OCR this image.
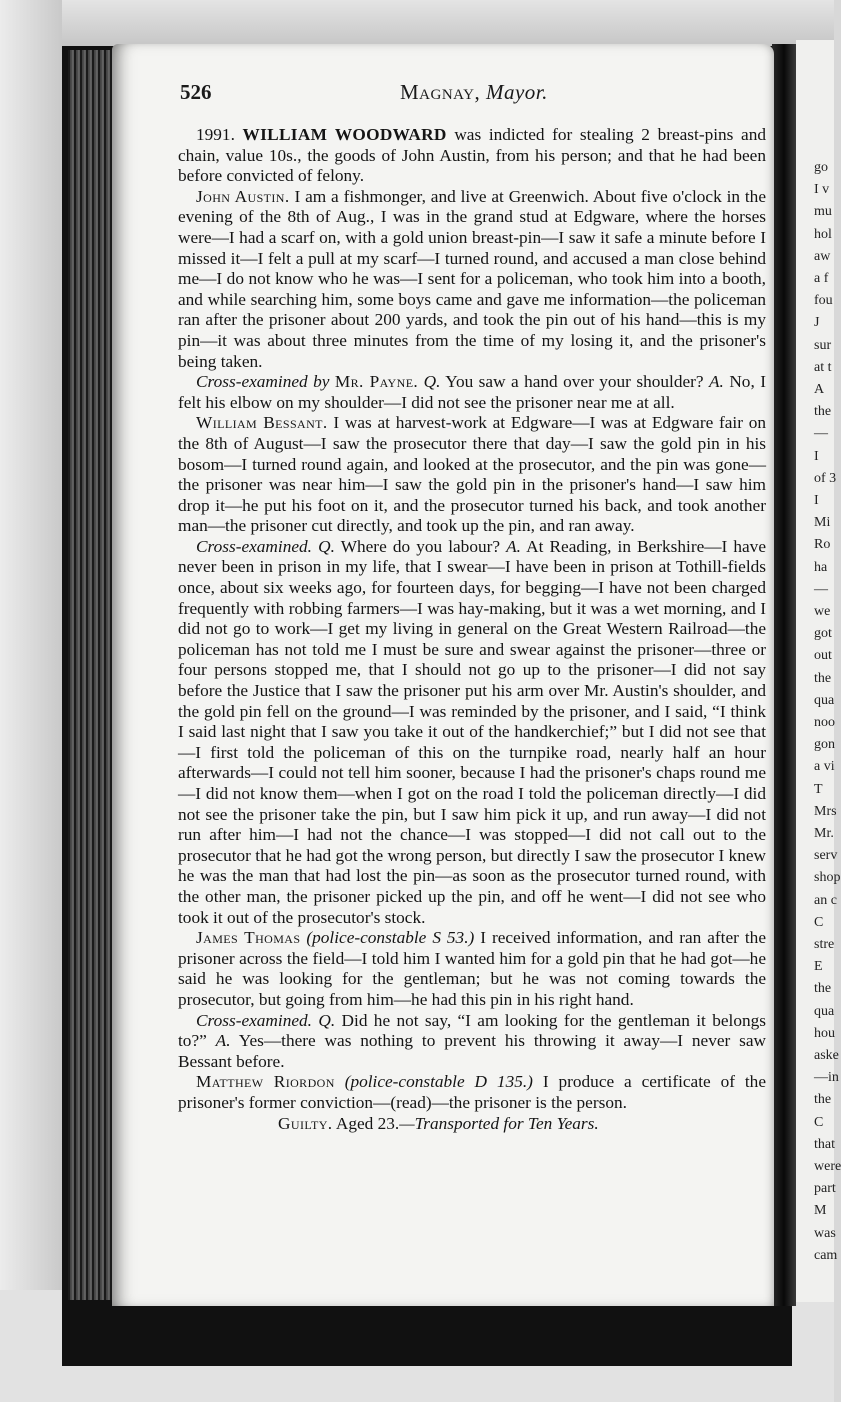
go
I v
mu
hol
aw
a f
fou
J
sur
at t
A
the
—
I
of 3
I
Mi
Ro
ha
—
we
got
out
the
qua
noo
gon
a vi
T
Mrs
Mr.
serv
shop
an c
C
stre
E
the
qua
hou
aske
—in
the
C
that
were
part
M
was
cam
526	Magnay, Mayor.

1991. WILLIAM WOODWARD was indicted for stealing 2 breast-pins and chain, value 10s., the goods of John Austin, from his person; and that he had been before convicted of felony.

John Austin. I am a fishmonger, and live at Greenwich. About five o'clock in the evening of the 8th of Aug., I was in the grand stud at Edgware, where the horses were—I had a scarf on, with a gold union breast-pin—I saw it safe a minute before I missed it—I felt a pull at my scarf—I turned round, and accused a man close behind me—I do not know who he was—I sent for a policeman, who took him into a booth, and while searching him, some boys came and gave me information—the policeman ran after the prisoner about 200 yards, and took the pin out of his hand—this is my pin—it was about three minutes from the time of my losing it, and the prisoner's being taken.

Cross-examined by Mr. Payne. Q. You saw a hand over your shoulder? A. No, I felt his elbow on my shoulder—I did not see the prisoner near me at all.

William Bessant. I was at harvest-work at Edgware—I was at Edgware fair on the 8th of August—I saw the prosecutor there that day—I saw the gold pin in his bosom—I turned round again, and looked at the prosecutor, and the pin was gone—the prisoner was near him—I saw the gold pin in the prisoner's hand—I saw him drop it—he put his foot on it, and the prosecutor turned his back, and took another man—the prisoner cut directly, and took up the pin, and ran away.

Cross-examined. Q. Where do you labour? A. At Reading, in Berkshire—I have never been in prison in my life, that I swear—I have been in prison at Tothill-fields once, about six weeks ago, for fourteen days, for begging—I have not been charged frequently with robbing farmers—I was hay-making, but it was a wet morning, and I did not go to work—I get my living in general on the Great Western Railroad—the policeman has not told me I must be sure and swear against the prisoner—three or four persons stopped me, that I should not go up to the prisoner—I did not say before the Justice that I saw the prisoner put his arm over Mr. Austin's shoulder, and the gold pin fell on the ground—I was reminded by the prisoner, and I said, “I think I said last night that I saw you take it out of the handkerchief;” but I did not see that—I first told the policeman of this on the turnpike road, nearly half an hour afterwards—I could not tell him sooner, because I had the prisoner's chaps round me—I did not know them—when I got on the road I told the policeman directly—I did not see the prisoner take the pin, but I saw him pick it up, and run away—I did not run after him—I had not the chance—I was stopped—I did not call out to the prosecutor that he had got the wrong person, but directly I saw the prosecutor I knew he was the man that had lost the pin—as soon as the prosecutor turned round, with the other man, the prisoner picked up the pin, and off he went—I did not see who took it out of the prosecutor's stock.

James Thomas (police-constable S 53.) I received information, and ran after the prisoner across the field—I told him I wanted him for a gold pin that he had got—he said he was looking for the gentleman; but he was not coming towards the prosecutor, but going from him—he had this pin in his right hand.

Cross-examined. Q. Did he not say, “I am looking for the gentleman it belongs to?” A. Yes—there was nothing to prevent his throwing it away—I never saw Bessant before.

Matthew Riordon (police-constable D 135.) I produce a certificate of the prisoner's former conviction—(read)—the prisoner is the person.

Guilty. Aged 23.—Transported for Ten Years.
